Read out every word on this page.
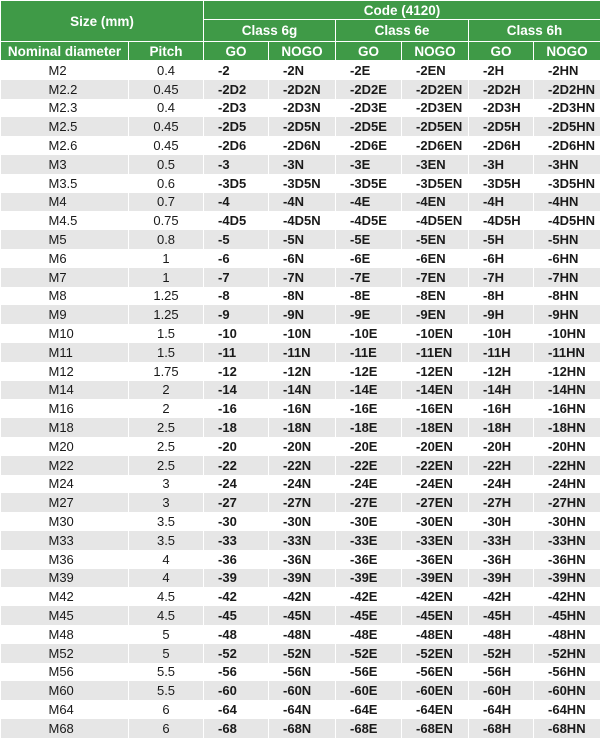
Size (mm)		Code (4120)					
		Class 6g		Class 6e		Class 6h	
Nominal diameter	Pitch	GO	NOGO	GO	NOGO	GO	NOGO
M2	0.4	-2	-2N	-2E	-2EN	-2H	-2HN
M2.2	0.45	-2D2	-2D2N	-2D2E	-2D2EN	-2D2H	-2D2HN
M2.3	0.4	-2D3	-2D3N	-2D3E	-2D3EN	-2D3H	-2D3HN
M2.5	0.45	-2D5	-2D5N	-2D5E	-2D5EN	-2D5H	-2D5HN
M2.6	0.45	-2D6	-2D6N	-2D6E	-2D6EN	-2D6H	-2D6HN
M3	0.5	-3	-3N	-3E	-3EN	-3H	-3HN
M3.5	0.6	-3D5	-3D5N	-3D5E	-3D5EN	-3D5H	-3D5HN
M4	0.7	-4	-4N	-4E	-4EN	-4H	-4HN
M4.5	0.75	-4D5	-4D5N	-4D5E	-4D5EN	-4D5H	-4D5HN
M5	0.8	-5	-5N	-5E	-5EN	-5H	-5HN
M6	1	-6	-6N	-6E	-6EN	-6H	-6HN
M7	1	-7	-7N	-7E	-7EN	-7H	-7HN
M8	1.25	-8	-8N	-8E	-8EN	-8H	-8HN
M9	1.25	-9	-9N	-9E	-9EN	-9H	-9HN
M10	1.5	-10	-10N	-10E	-10EN	-10H	-10HN
M11	1.5	-11	-11N	-11E	-11EN	-11H	-11HN
M12	1.75	-12	-12N	-12E	-12EN	-12H	-12HN
M14	2	-14	-14N	-14E	-14EN	-14H	-14HN
M16	2	-16	-16N	-16E	-16EN	-16H	-16HN
M18	2.5	-18	-18N	-18E	-18EN	-18H	-18HN
M20	2.5	-20	-20N	-20E	-20EN	-20H	-20HN
M22	2.5	-22	-22N	-22E	-22EN	-22H	-22HN
M24	3	-24	-24N	-24E	-24EN	-24H	-24HN
M27	3	-27	-27N	-27E	-27EN	-27H	-27HN
M30	3.5	-30	-30N	-30E	-30EN	-30H	-30HN
M33	3.5	-33	-33N	-33E	-33EN	-33H	-33HN
M36	4	-36	-36N	-36E	-36EN	-36H	-36HN
M39	4	-39	-39N	-39E	-39EN	-39H	-39HN
M42	4.5	-42	-42N	-42E	-42EN	-42H	-42HN
M45	4.5	-45	-45N	-45E	-45EN	-45H	-45HN
M48	5	-48	-48N	-48E	-48EN	-48H	-48HN
M52	5	-52	-52N	-52E	-52EN	-52H	-52HN
M56	5.5	-56	-56N	-56E	-56EN	-56H	-56HN
M60	5.5	-60	-60N	-60E	-60EN	-60H	-60HN
M64	6	-64	-64N	-64E	-64EN	-64H	-64HN
M68	6	-68	-68N	-68E	-68EN	-68H	-68HN
